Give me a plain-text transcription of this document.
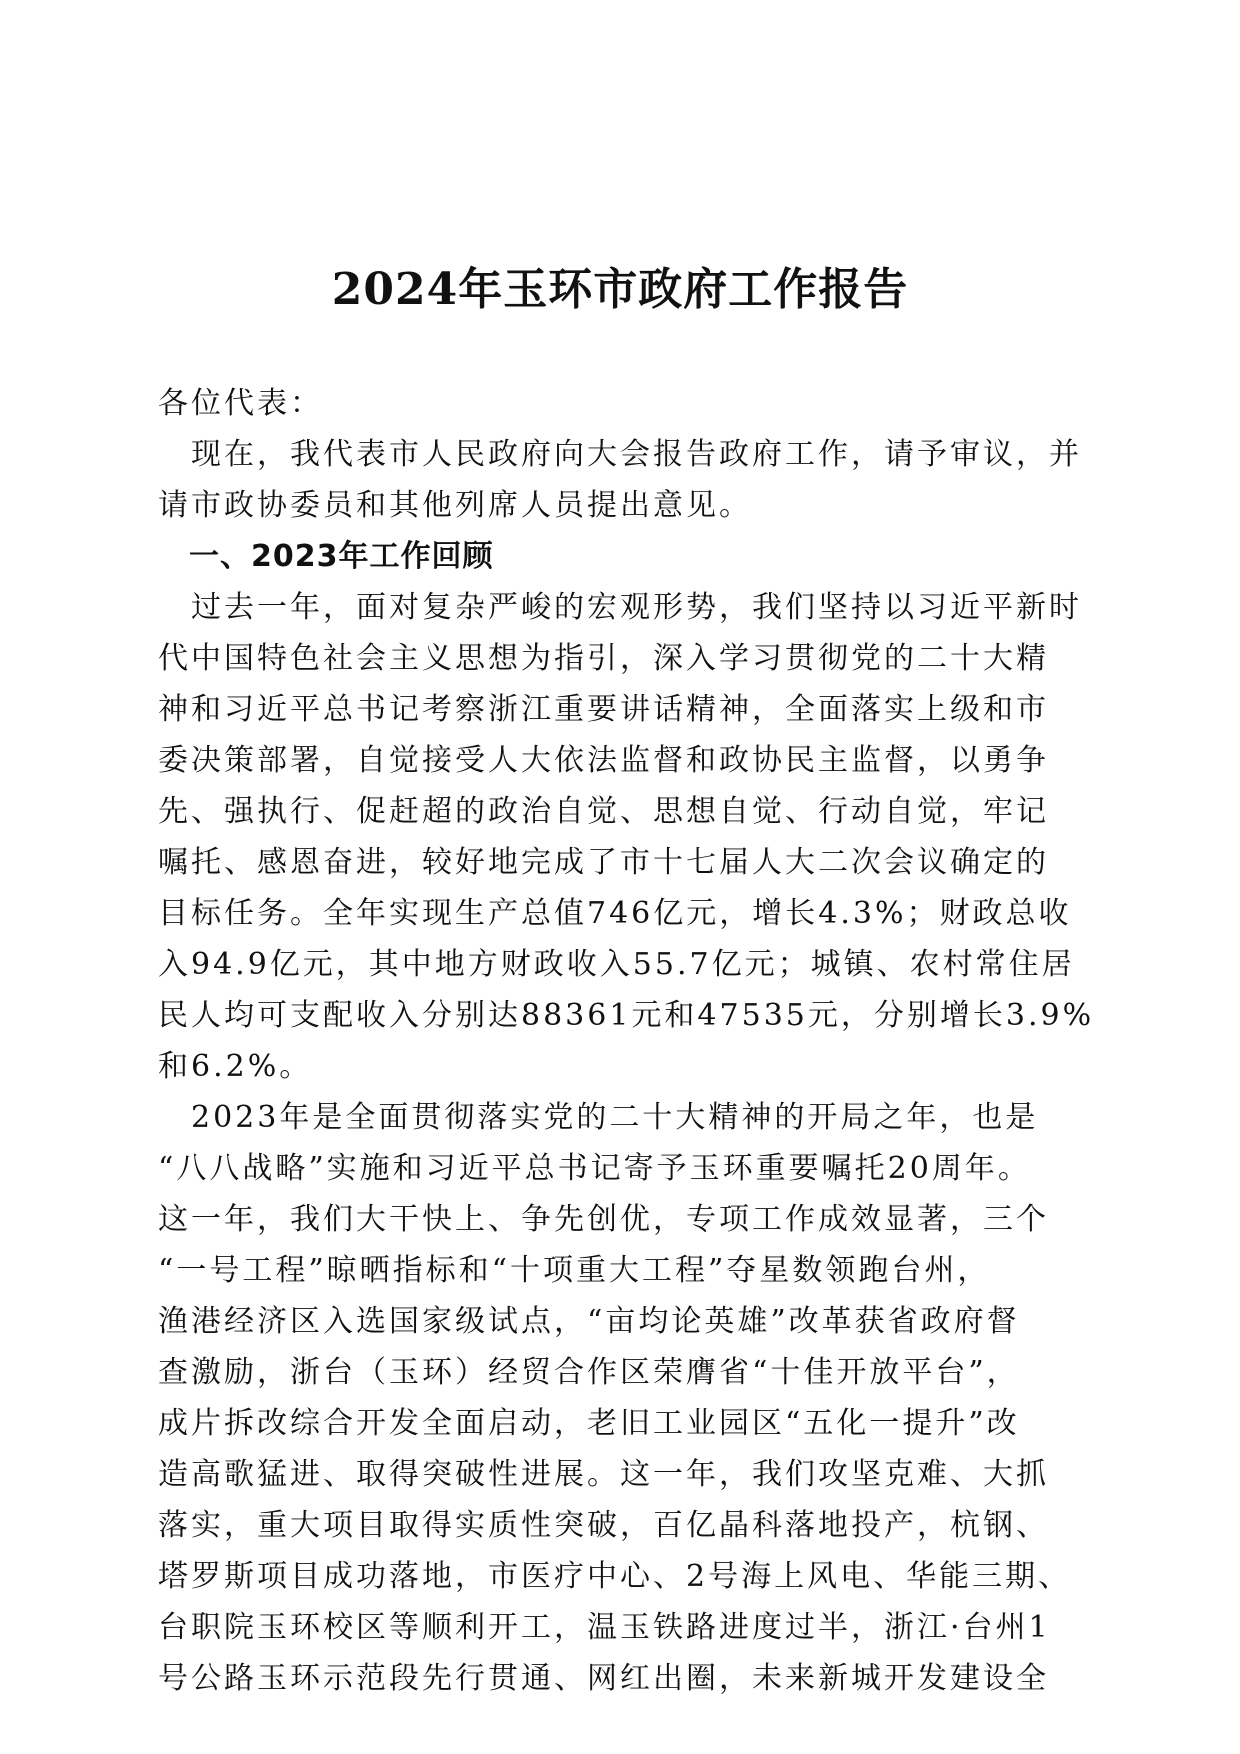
2024年玉环市政府工作报告
各位代表：
　现在，我代表市人民政府向大会报告政府工作，请予审议，并
请市政协委员和其他列席人员提出意见。
　一、2023年工作回顾
　过去一年，面对复杂严峻的宏观形势，我们坚持以习近平新时
代中国特色社会主义思想为指引，深入学习贯彻党的二十大精
神和习近平总书记考察浙江重要讲话精神，全面落实上级和市
委决策部署，自觉接受人大依法监督和政协民主监督，以勇争
先、强执行、促赶超的政治自觉、思想自觉、行动自觉，牢记
嘱托、感恩奋进，较好地完成了市十七届人大二次会议确定的
目标任务。全年实现生产总值746亿元，增长4.3%；财政总收
入94.9亿元，其中地方财政收入55.7亿元；城镇、农村常住居
民人均可支配收入分别达88361元和47535元，分别增长3.9%
和6.2%。
　2023年是全面贯彻落实党的二十大精神的开局之年，也是
“八八战略”实施和习近平总书记寄予玉环重要嘱托20周年。
这一年，我们大干快上、争先创优，专项工作成效显著，三个
“一号工程”晾晒指标和“十项重大工程”夺星数领跑台州，
渔港经济区入选国家级试点，“亩均论英雄”改革获省政府督
查激励，浙台（玉环）经贸合作区荣膺省“十佳开放平台”，
成片拆改综合开发全面启动，老旧工业园区“五化一提升”改
造高歌猛进、取得突破性进展。这一年，我们攻坚克难、大抓
落实，重大项目取得实质性突破，百亿晶科落地投产，杭钢、
塔罗斯项目成功落地，市医疗中心、2号海上风电、华能三期、
台职院玉环校区等顺利开工，温玉铁路进度过半，浙江·台州1
号公路玉环示范段先行贯通、网红出圈，未来新城开发建设全
